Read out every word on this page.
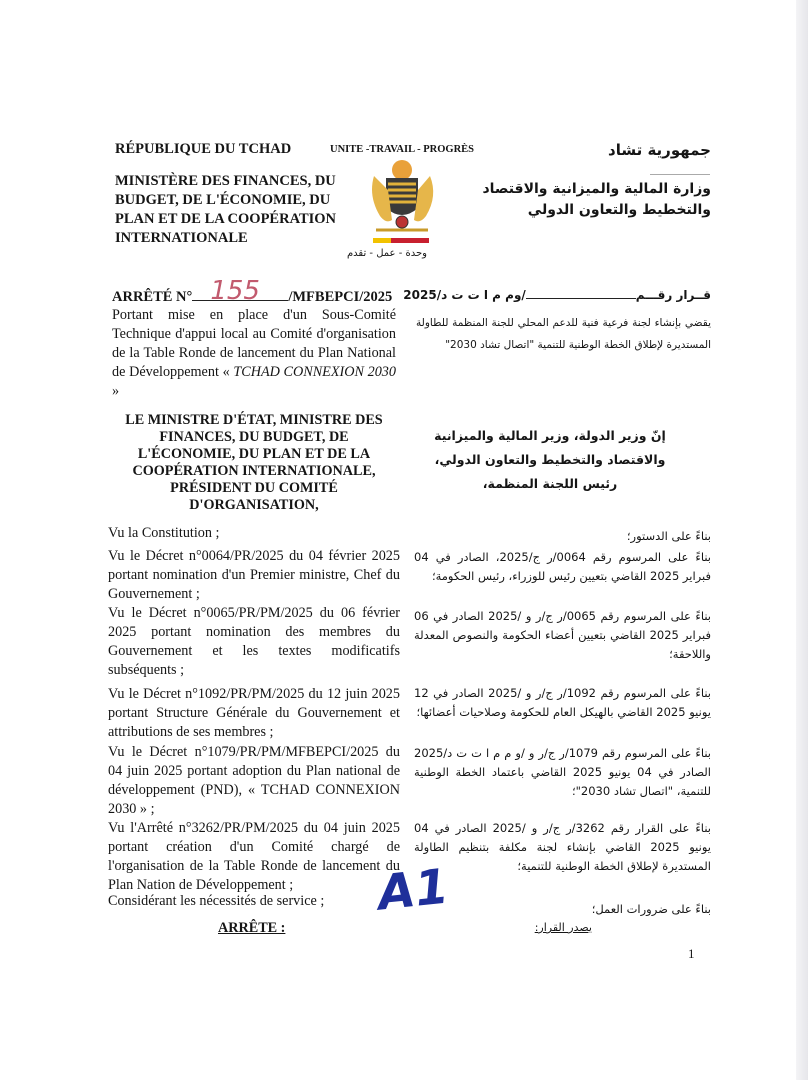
RÉPUBLIQUE DU TCHAD	UNITE -TRAVAIL - PROGRÈS
MINISTÈRE DES FINANCES, DU
BUDGET, DE L'ÉCONOMIE, DU
PLAN ET DE LA COOPÉRATION
INTERNATIONALE
وحدة - عمل - تقدم
جمهورية تشاد
وزارة المالية والميزانية والاقتصاد
والتخطيط والتعاون الدولي
ARRÊTÉ N° 155 /MFBEPCI/2025
Portant mise en place d'un Sous-Comité Technique d'appui local au Comité d'organisation de la Table Ronde de lancement du Plan National de Développement « TCHAD CONNEXION 2030 »
قــرار رقـــم/وم م ا ت ت د/2025
يقضي بإنشاء لجنة فرعية فنية للدعم المحلي للجنة المنظمة للطاولة المستديرة لإطلاق الخطة الوطنية للتنمية "اتصال تشاد 2030"
LE MINISTRE D'ÉTAT, MINISTRE DES
FINANCES, DU BUDGET, DE
L'ÉCONOMIE, DU PLAN ET DE LA
COOPÉRATION INTERNATIONALE,
PRÉSIDENT DU COMITÉ
D'ORGANISATION,
إنّ وزير الدولة، وزير المالية والميزانية
والاقتصاد والتخطيط والتعاون الدولي،
رئيس اللجنة المنظمة،
Vu la Constitution ;
Vu le Décret n°0064/PR/2025 du 04 février 2025 portant nomination d'un Premier ministre, Chef du Gouvernement ;
Vu le Décret n°0065/PR/PM/2025 du 06 février 2025 portant nomination des membres du Gouvernement et les textes modificatifs subséquents ;
Vu le Décret n°1092/PR/PM/2025 du 12 juin 2025 portant Structure Générale du Gouvernement et attributions de ses membres ;
Vu le Décret n°1079/PR/PM/MFBEPCI/2025 du 04 juin 2025 portant adoption du Plan national de développement (PND), « TCHAD CONNEXION 2030 » ;
Vu l'Arrêté n°3262/PR/PM/2025 du 04 juin 2025 portant création d'un Comité chargé de l'organisation de la Table Ronde de lancement du Plan Nation de Développement ;
بناءً على الدستور؛
بناءً على المرسوم رقم 0064/ر ج/2025، الصادر في 04 فبراير 2025 القاضي بتعيين رئيس للوزراء، رئيس الحكومة؛
بناءً على المرسوم رقم 0065/ر ج/ر و /2025 الصادر في 06 فبراير 2025 القاضي بتعيين أعضاء الحكومة والنصوص المعدلة واللاحقة؛
بناءً على المرسوم رقم 1092/ر ج/ر و /2025 الصادر في 12 يونيو 2025 القاضي بالهيكل العام للحكومة وصلاحيات أعضائها؛
بناءً على المرسوم رقم 1079/ر ج/ر و /و م م ا ت ت د/2025 الصادر في 04 يونيو 2025 القاضي باعتماد الخطة الوطنية للتنمية، "اتصال تشاد 2030"؛
بناءً على القرار رقم 3262/ر ج/ر و /2025 الصادر في 04 يونيو 2025 القاضي بإنشاء لجنة مكلفة بتنظيم الطاولة المستديرة لإطلاق الخطة الوطنية للتنمية؛
Considérant les nécessités de service ;
ARRÊTE :
بناءً على ضرورات العمل؛
يصدر القرار:
A1
1
